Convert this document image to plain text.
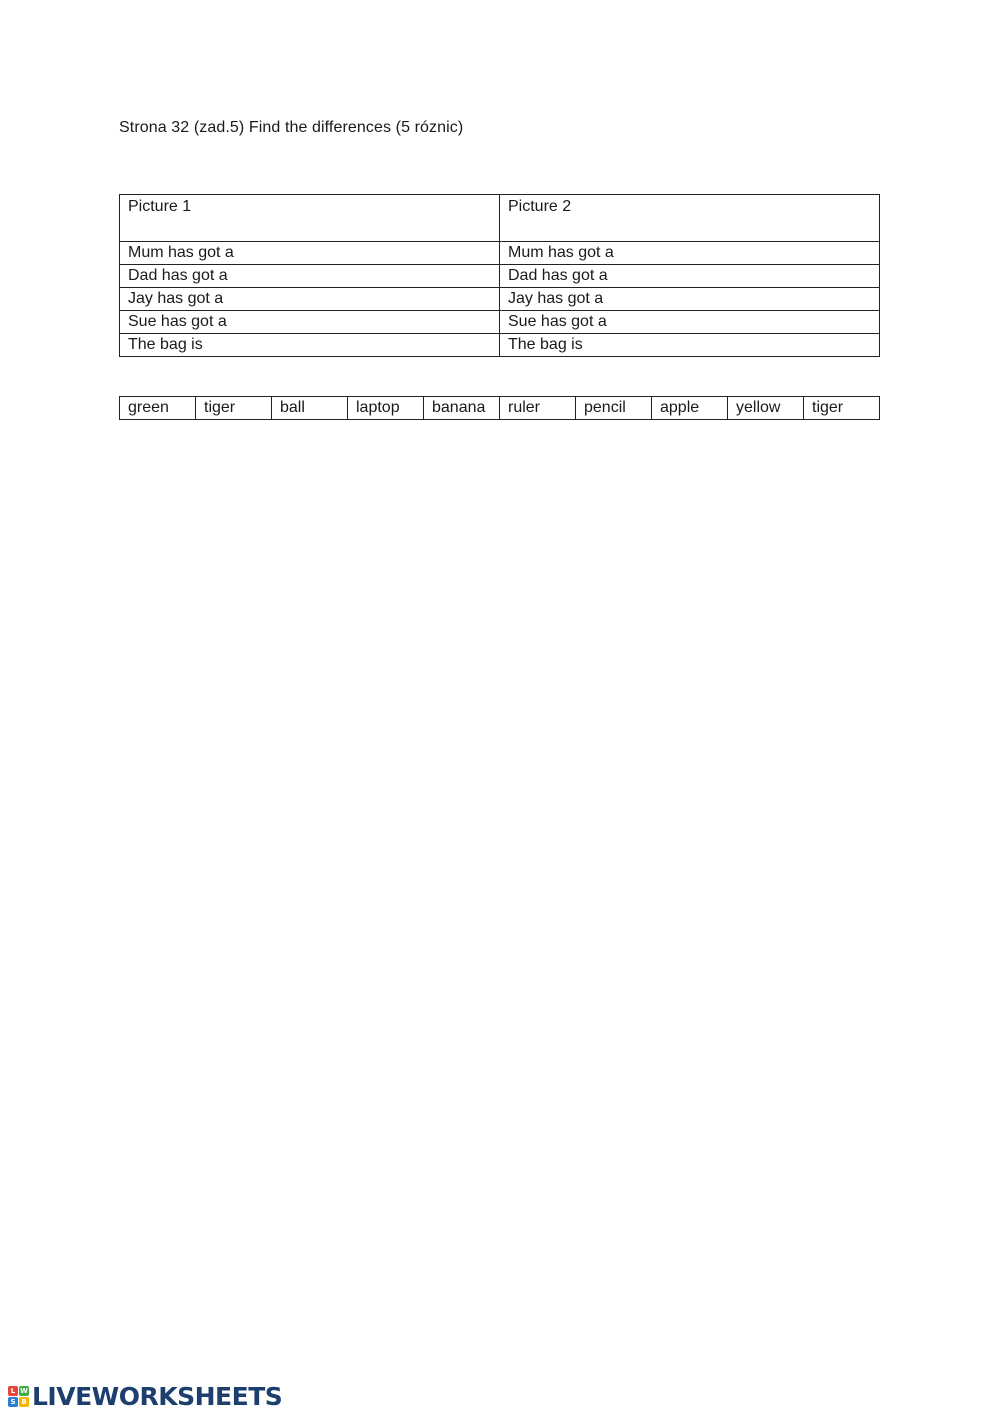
Strona 32 (zad.5) Find the differences (5 róznic)
Picture 1	Picture 2
Mum has got a	Mum has got a
Dad has got a	Dad has got a
Jay has got a	Jay has got a
Sue has got a	Sue has got a
The bag is	The bag is
green	tiger	ball	laptop	banana	ruler	pencil	apple	yellow	tiger
L W
S B LIVEWORKSHEETS
